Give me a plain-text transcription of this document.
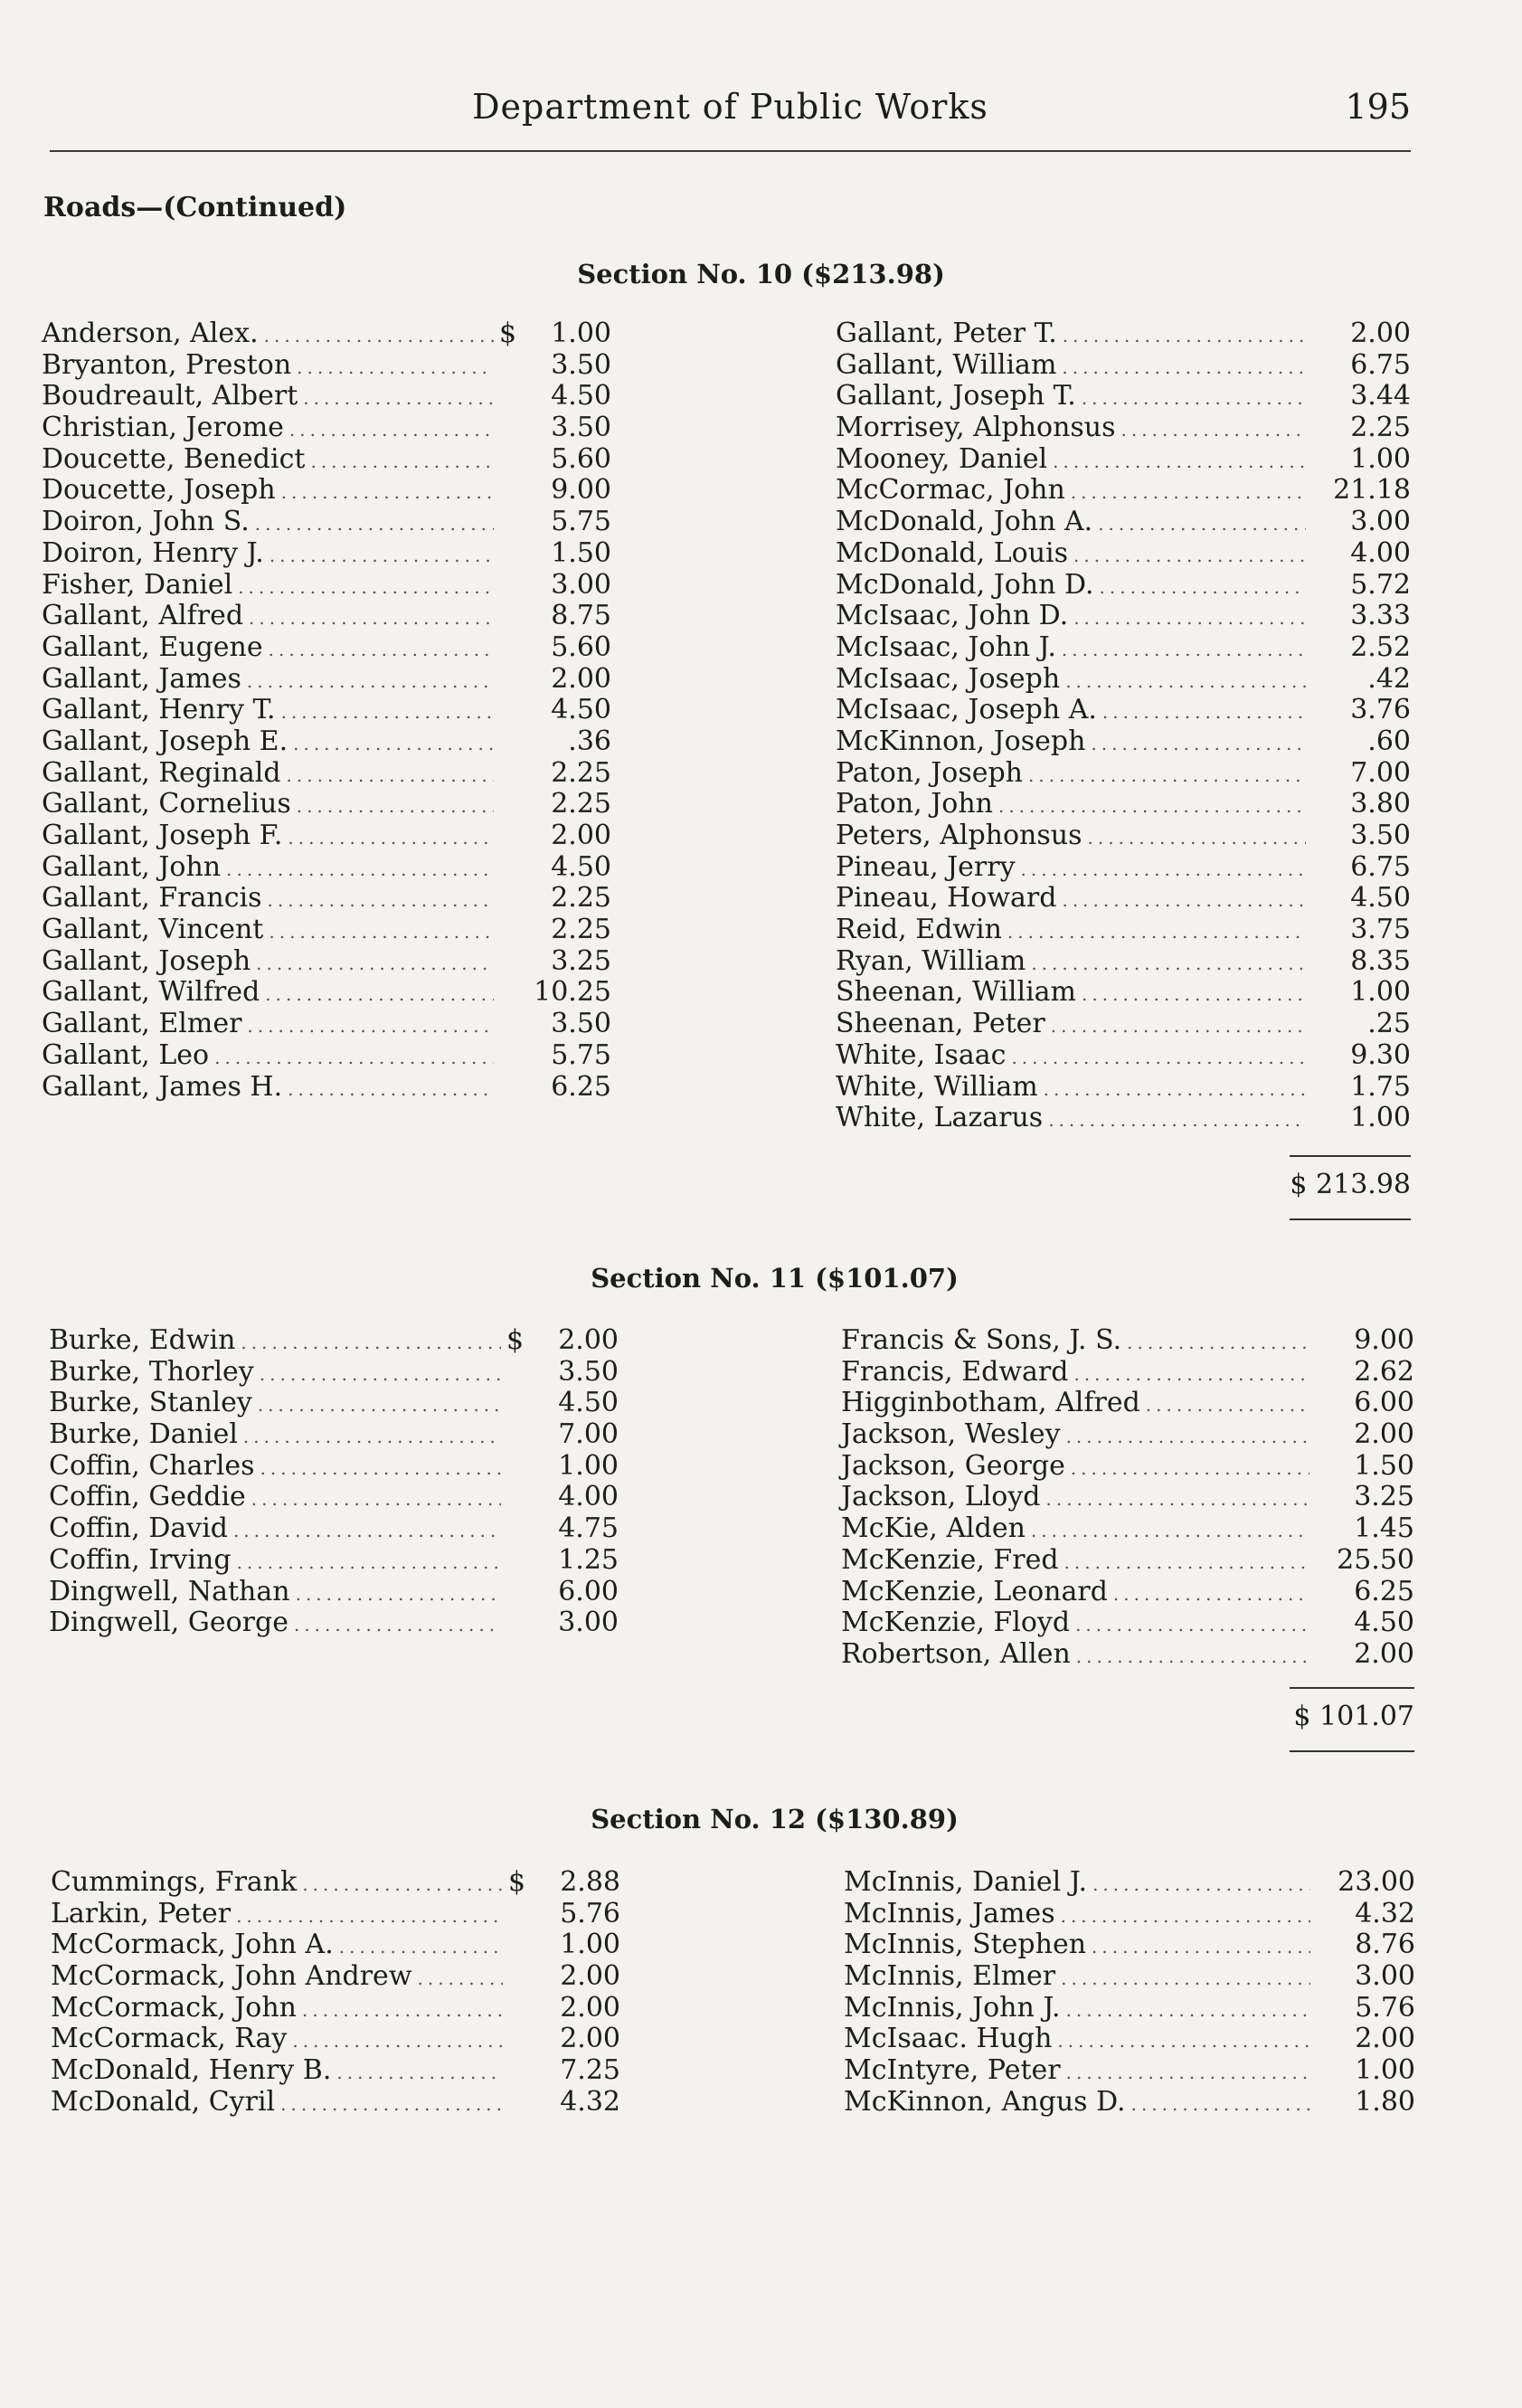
Department of Public Works	195
Roads—(Continued)
Section No. 10 ($213.98)
Anderson, Alex. .....	$	1.00
Bryanton, Preston .....	3.50
Boudreault, Albert .....	4.50
Christian, Jerome .....	3.50
Doucette, Benedict .....	5.60
Doucette, Joseph .....	9.00
Doiron, John S. .....	5.75
Doiron, Henry J. .....	1.50
Fisher, Daniel .....	3.00
Gallant, Alfred .....	8.75
Gallant, Eugene .....	5.60
Gallant, James .....	2.00
Gallant, Henry T. .....	4.50
Gallant, Joseph E. .....	.36
Gallant, Reginald .....	2.25
Gallant, Cornelius .....	2.25
Gallant, Joseph F. .....	2.00
Gallant, John .....	4.50
Gallant, Francis .....	2.25
Gallant, Vincent .....	2.25
Gallant, Joseph .....	3.25
Gallant, Wilfred .....	10.25
Gallant, Elmer .....	3.50
Gallant, Leo .....	5.75
Gallant, James H. .....	6.25
Gallant, Peter T. .....	2.00
Gallant, William .....	6.75
Gallant, Joseph T. .....	3.44
Morrisey, Alphonsus .....	2.25
Mooney, Daniel .....	1.00
McCormac, John .....	21.18
McDonald, John A. .....	3.00
McDonald, Louis .....	4.00
McDonald, John D. .....	5.72
McIsaac, John D. .....	3.33
McIsaac, John J. .....	2.52
McIsaac, Joseph .....	.42
McIsaac, Joseph A. .....	3.76
McKinnon, Joseph .....	.60
Paton, Joseph .....	7.00
Paton, John .....	3.80
Peters, Alphonsus .....	3.50
Pineau, Jerry .....	6.75
Pineau, Howard .....	4.50
Reid, Edwin .....	3.75
Ryan, William .....	8.35
Sheenan, William .....	1.00
Sheenan, Peter .....	.25
White, Isaac .....	9.30
White, William .....	1.75
White, Lazarus .....	1.00
$ 213.98
Section No. 11 ($101.07)
Burke, Edwin .....	$	2.00
Burke, Thorley .....	3.50
Burke, Stanley .....	4.50
Burke, Daniel .....	7.00
Coffin, Charles .....	1.00
Coffin, Geddie .....	4.00
Coffin, David .....	4.75
Coffin, Irving .....	1.25
Dingwell, Nathan .....	6.00
Dingwell, George .....	3.00
Francis & Sons, J. S. .....	9.00
Francis, Edward .....	2.62
Higginbotham, Alfred .....	6.00
Jackson, Wesley .....	2.00
Jackson, George .....	1.50
Jackson, Lloyd .....	3.25
McKie, Alden .....	1.45
McKenzie, Fred .....	25.50
McKenzie, Leonard .....	6.25
McKenzie, Floyd .....	4.50
Robertson, Allen .....	2.00
$ 101.07
Section No. 12 ($130.89)
Cummings, Frank .....	$	2.88
Larkin, Peter .....	5.76
McCormack, John A. .....	1.00
McCormack, John Andrew .....	2.00
McCormack, John .....	2.00
McCormack, Ray .....	2.00
McDonald, Henry B. .....	7.25
McDonald, Cyril .....	4.32
McInnis, Daniel J. .....	23.00
McInnis, James .....	4.32
McInnis, Stephen .....	8.76
McInnis, Elmer .....	3.00
McInnis, John J. .....	5.76
McIsaac. Hugh .....	2.00
McIntyre, Peter .....	1.00
McKinnon, Angus D. .....	1.80
